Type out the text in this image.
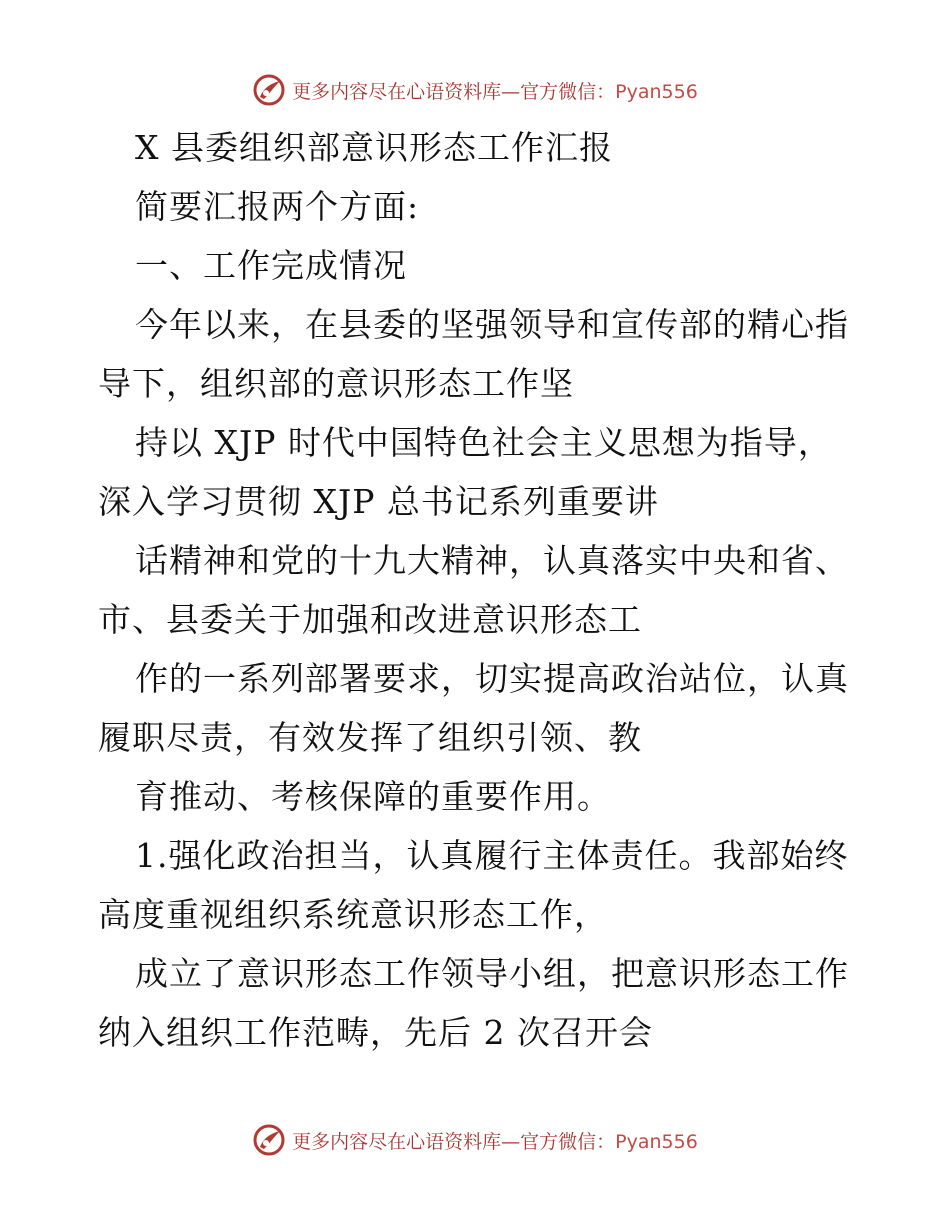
更多内容尽在心语资料库—官方微信：Pyan556
X 县委组织部意识形态工作汇报
简要汇报两个方面:
一、工作完成情况
今年以来，在县委的坚强领导和宣传部的精心指
导下，组织部的意识形态工作坚
持以 XJP 时代中国特色社会主义思想为指导，
深入学习贯彻 XJP 总书记系列重要讲
话精神和党的十九大精神，认真落实中央和省、
市、县委关于加强和改进意识形态工
作的一系列部署要求，切实提高政治站位，认真
履职尽责，有效发挥了组织引领、教
育推动、考核保障的重要作用。
1.强化政治担当，认真履行主体责任。我部始终
高度重视组织系统意识形态工作，
成立了意识形态工作领导小组，把意识形态工作
纳入组织工作范畴，先后 2 次召开会
更多内容尽在心语资料库—官方微信：Pyan556
